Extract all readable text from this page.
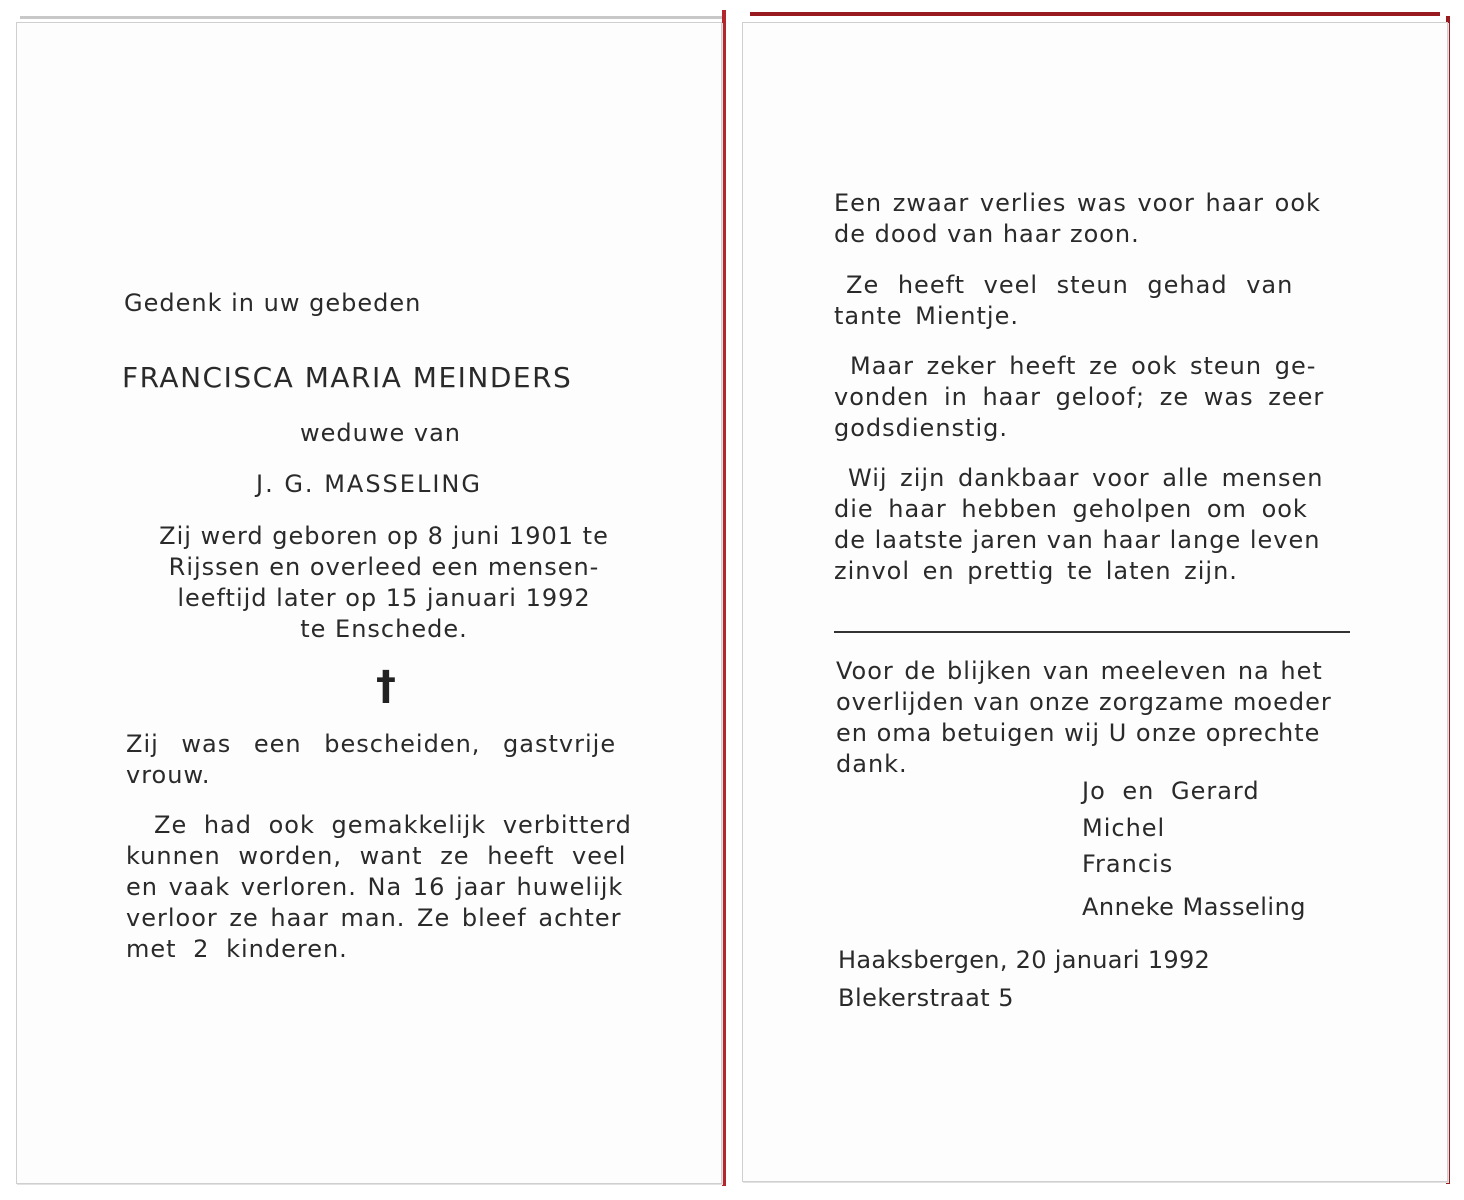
Gedenk in uw gebeden
FRANCISCA MARIA MEINDERS
weduwe van
J. G. MASSELING
Zij werd geboren op 8 juni 1901 te
Rijssen en overleed een mensen-
leeftijd later op 15 januari 1992
te Enschede.
†
Zij was een bescheiden, gastvrije
vrouw.
Ze had ook gemakkelijk verbitterd
kunnen worden, want ze heeft veel
en vaak verloren. Na 16 jaar huwelijk
verloor ze haar man. Ze bleef achter
met 2 kinderen.
Een zwaar verlies was voor haar ook
de dood van haar zoon.
Ze heeft veel steun gehad van
tante Mientje.
Maar zeker heeft ze ook steun ge-
vonden in haar geloof; ze was zeer
godsdienstig.
Wij zijn dankbaar voor alle mensen
die haar hebben geholpen om ook
de laatste jaren van haar lange leven
zinvol en prettig te laten zijn.
Voor de blijken van meeleven na het
overlijden van onze zorgzame moeder
en oma betuigen wij U onze oprechte
dank.
Jo en Gerard
Michel
Francis
Anneke Masseling
Haaksbergen, 20 januari 1992
Blekerstraat 5
